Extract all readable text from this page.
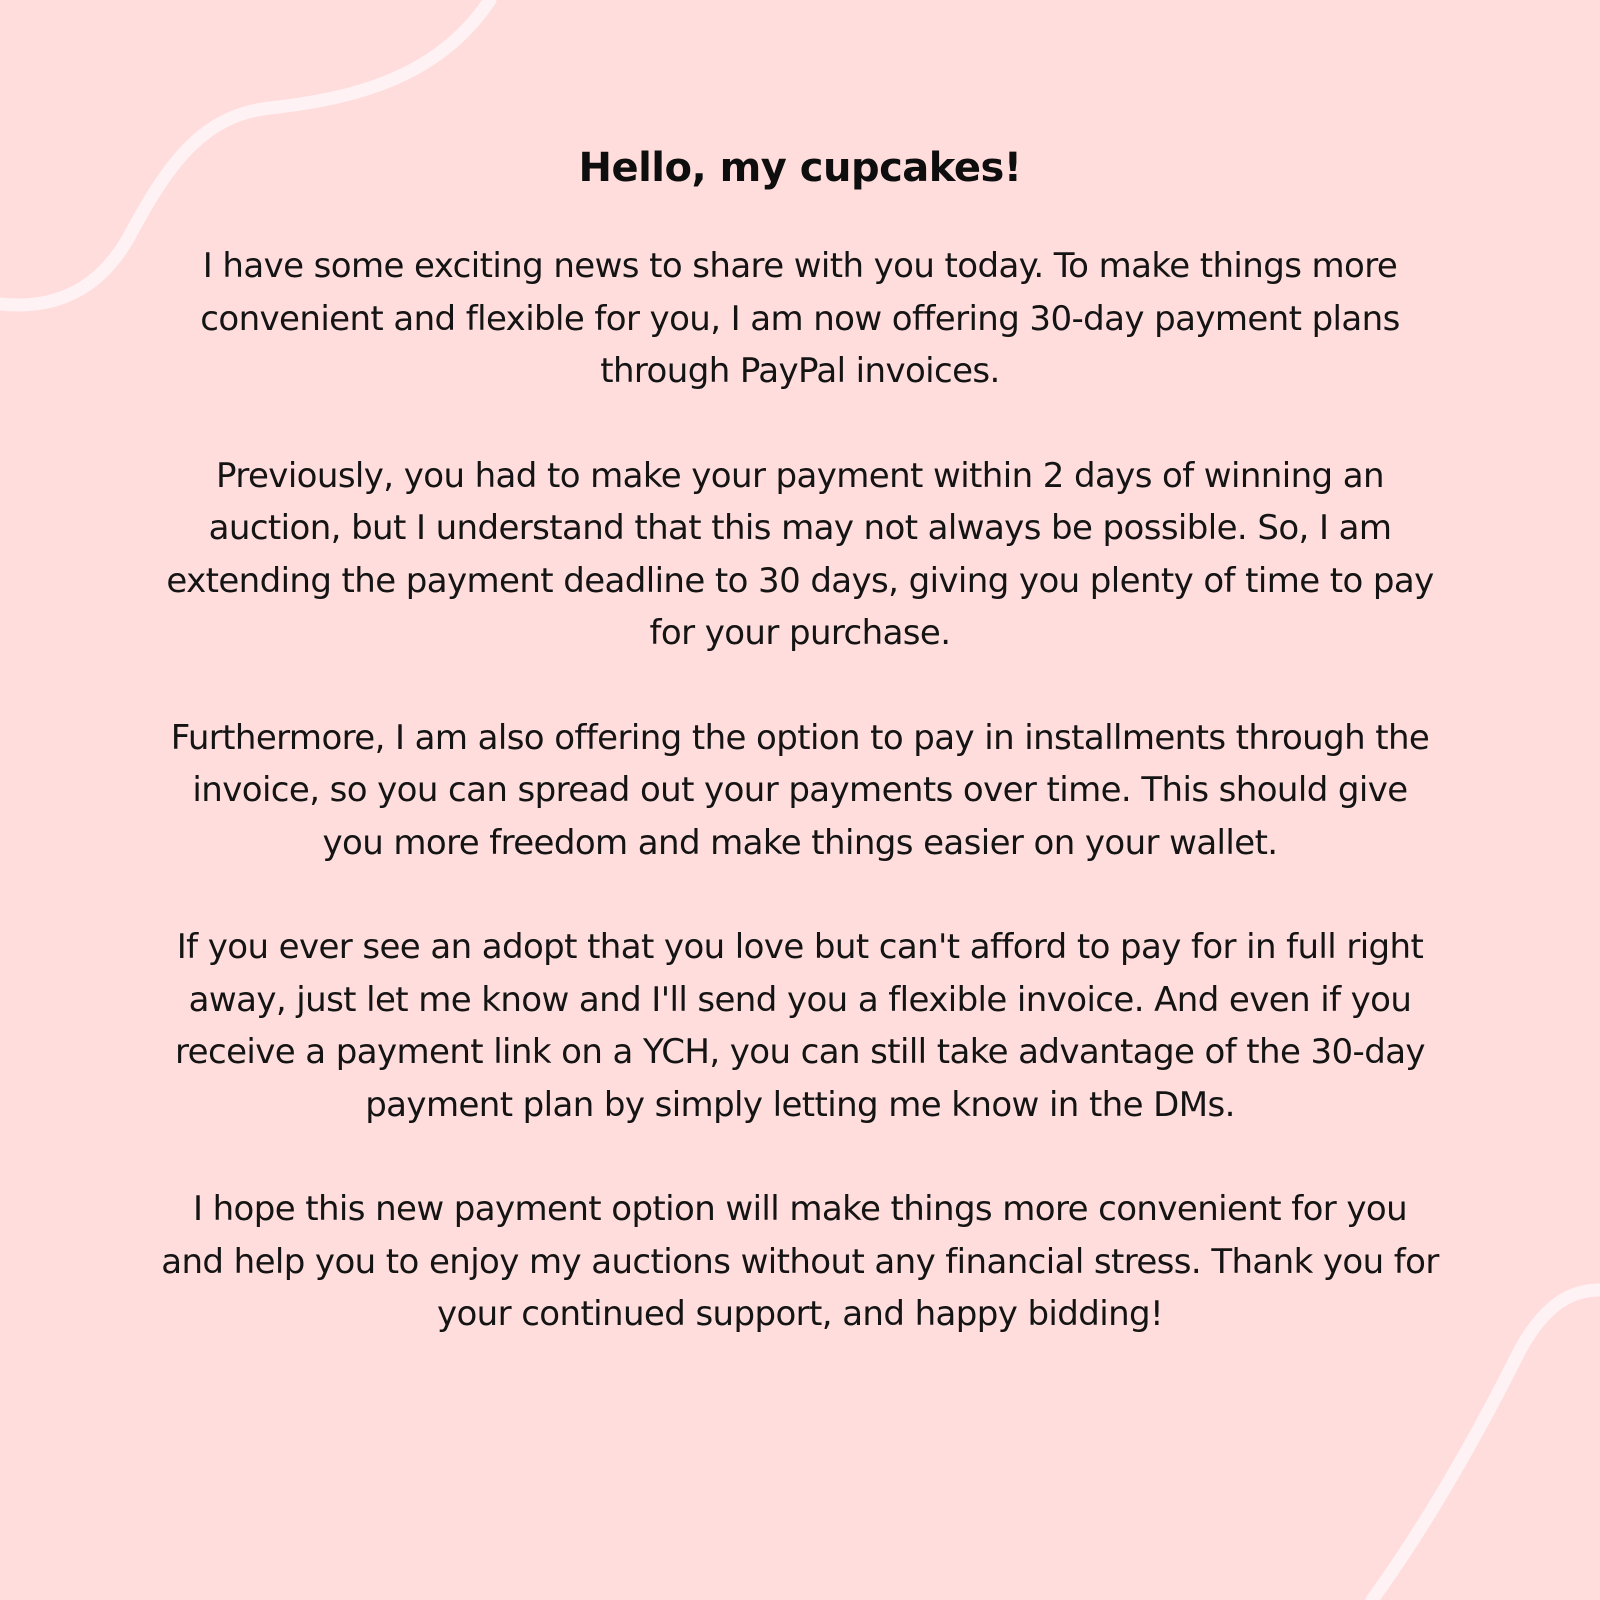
Hello, my cupcakes!

I have some exciting news to share with you today. To make things more convenient and flexible for you, I am now offering 30-day payment plans through PayPal invoices.

Previously, you had to make your payment within 2 days of winning an auction, but I understand that this may not always be possible. So, I am extending the payment deadline to 30 days, giving you plenty of time to pay for your purchase.

Furthermore, I am also offering the option to pay in installments through the invoice, so you can spread out your payments over time. This should give you more freedom and make things easier on your wallet.

If you ever see an adopt that you love but can't afford to pay for in full right away, just let me know and I'll send you a flexible invoice. And even if you receive a payment link on a YCH, you can still take advantage of the 30-day payment plan by simply letting me know in the DMs.

I hope this new payment option will make things more convenient for you and help you to enjoy my auctions without any financial stress. Thank you for your continued support, and happy bidding!
